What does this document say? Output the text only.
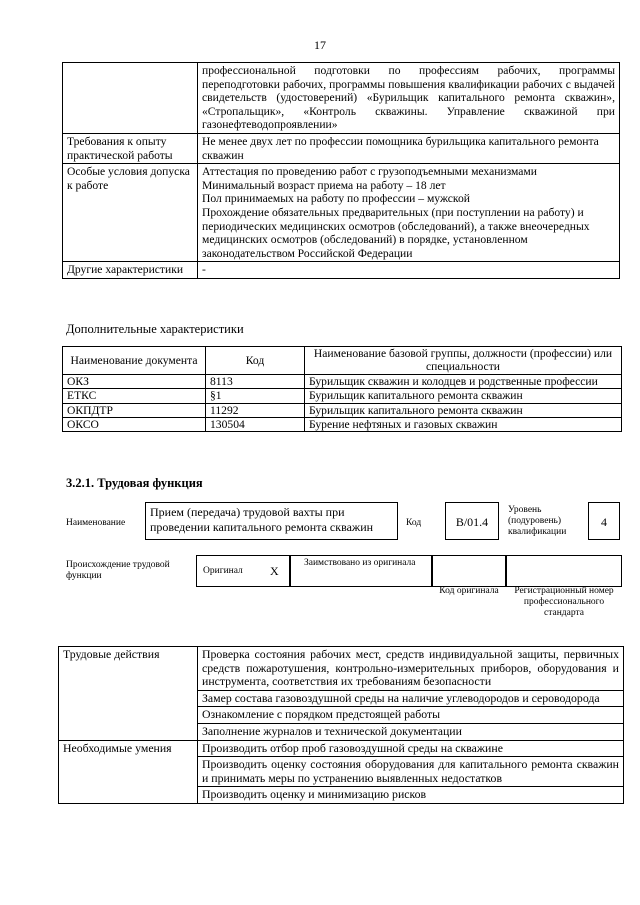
17
	профессиональной подготовки по профессиям рабочих, программы переподготовки рабочих, программы повышения квалификации рабочих с выдачей свидетельств (удостоверений) «Бурильщик капитального ремонта скважин», «Стропальщик», «Контроль скважины. Управление скважиной при газонефтеводопроявлении»
Требования к опыту практической работы	Не менее двух лет по профессии помощника бурильщика капитального ремонта скважин
Особые условия допуска к работе	Аттестация по проведению работ с грузоподъемными механизмами
Минимальный возраст приема на работу – 18 лет
Пол принимаемых на работу по профессии – мужской
Прохождение обязательных предварительных (при поступлении на работу) и периодических медицинских осмотров (обследований), а также внеочередных медицинских осмотров (обследований) в порядке, установленном законодательством Российской Федерации

Другие характеристики	-
Дополнительные характеристики
Наименование документа	Код	Наименование базовой группы, должности (профессии) или специальности
ОКЗ	8113	Бурильщик скважин и колодцев и родственные профессии
ЕТКС	§1	Бурильщик капитального ремонта скважин
ОКПДТР	11292	Бурильщик капитального ремонта скважин
ОКСО	130504	Бурение нефтяных и газовых скважин
3.2.1. Трудовая функция
Наименование
Прием (передача) трудовой вахты при проведении капитального ремонта скважин	Код	В/01.4
Уровень (подуровень) квалификации
4
Происхождение трудовой функции	Оригинал X
Заимствовано из оригинала
Код оригинала	Регистрационный номер профессионального стандарта
Трудовые действия	Проверка состояния рабочих мест, средств индивидуальной защиты, первичных средств пожаротушения, контрольно-измерительных приборов, оборудования и инструмента, соответствия их требованиям безопасности
	Замер состава газовоздушной среды на наличие углеводородов и сероводорода
	Ознакомление с порядком предстоящей работы
	Заполнение журналов и технической документации
Необходимые умения	Производить отбор проб газовоздушной среды на скважине
	Производить оценку состояния оборудования для капитального ремонта скважин и принимать меры по устранению выявленных недостатков
	Производить оценку и минимизацию рисков
